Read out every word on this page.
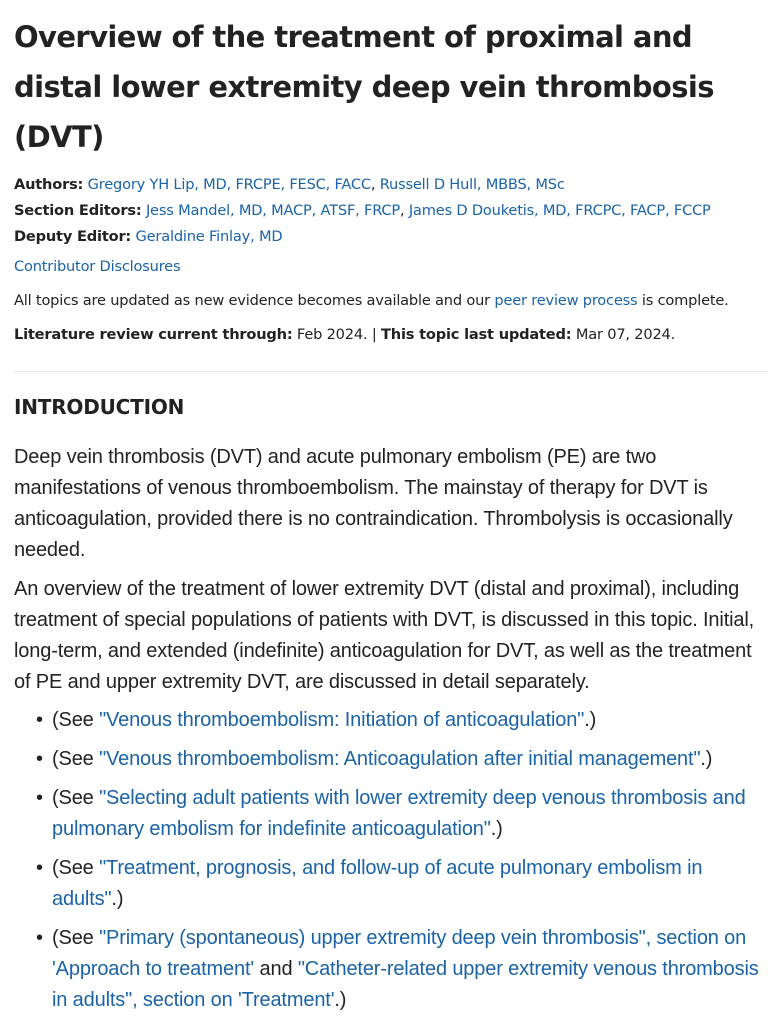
Overview of the treatment of proximal and distal lower extremity deep vein thrombosis (DVT)
Authors: Gregory YH Lip, MD, FRCPE, FESC, FACC, Russell D Hull, MBBS, MSc
Section Editors: Jess Mandel, MD, MACP, ATSF, FRCP, James D Douketis, MD, FRCPC, FACP, FCCP
Deputy Editor: Geraldine Finlay, MD
Contributor Disclosures
All topics are updated as new evidence becomes available and our peer review process is complete.
Literature review current through: Feb 2024. | This topic last updated: Mar 07, 2024.
INTRODUCTION

Deep vein thrombosis (DVT) and acute pulmonary embolism (PE) are two manifestations of venous thromboembolism. The mainstay of therapy for DVT is anticoagulation, provided there is no contraindication. Thrombolysis is occasionally needed.

An overview of the treatment of lower extremity DVT (distal and proximal), including treatment of special populations of patients with DVT, is discussed in this topic. Initial, long-term, and extended (indefinite) anticoagulation for DVT, as well as the treatment of PE and upper extremity DVT, are discussed in detail separately.

• (See "Venous thromboembolism: Initiation of anticoagulation".)
• (See "Venous thromboembolism: Anticoagulation after initial management".)
• (See "Selecting adult patients with lower extremity deep venous thrombosis and pulmonary embolism for indefinite anticoagulation".)
• (See "Treatment, prognosis, and follow-up of acute pulmonary embolism in adults".)
• (See "Primary (spontaneous) upper extremity deep vein thrombosis", section on 'Approach to treatment' and "Catheter-related upper extremity venous thrombosis in adults", section on 'Treatment'.)
